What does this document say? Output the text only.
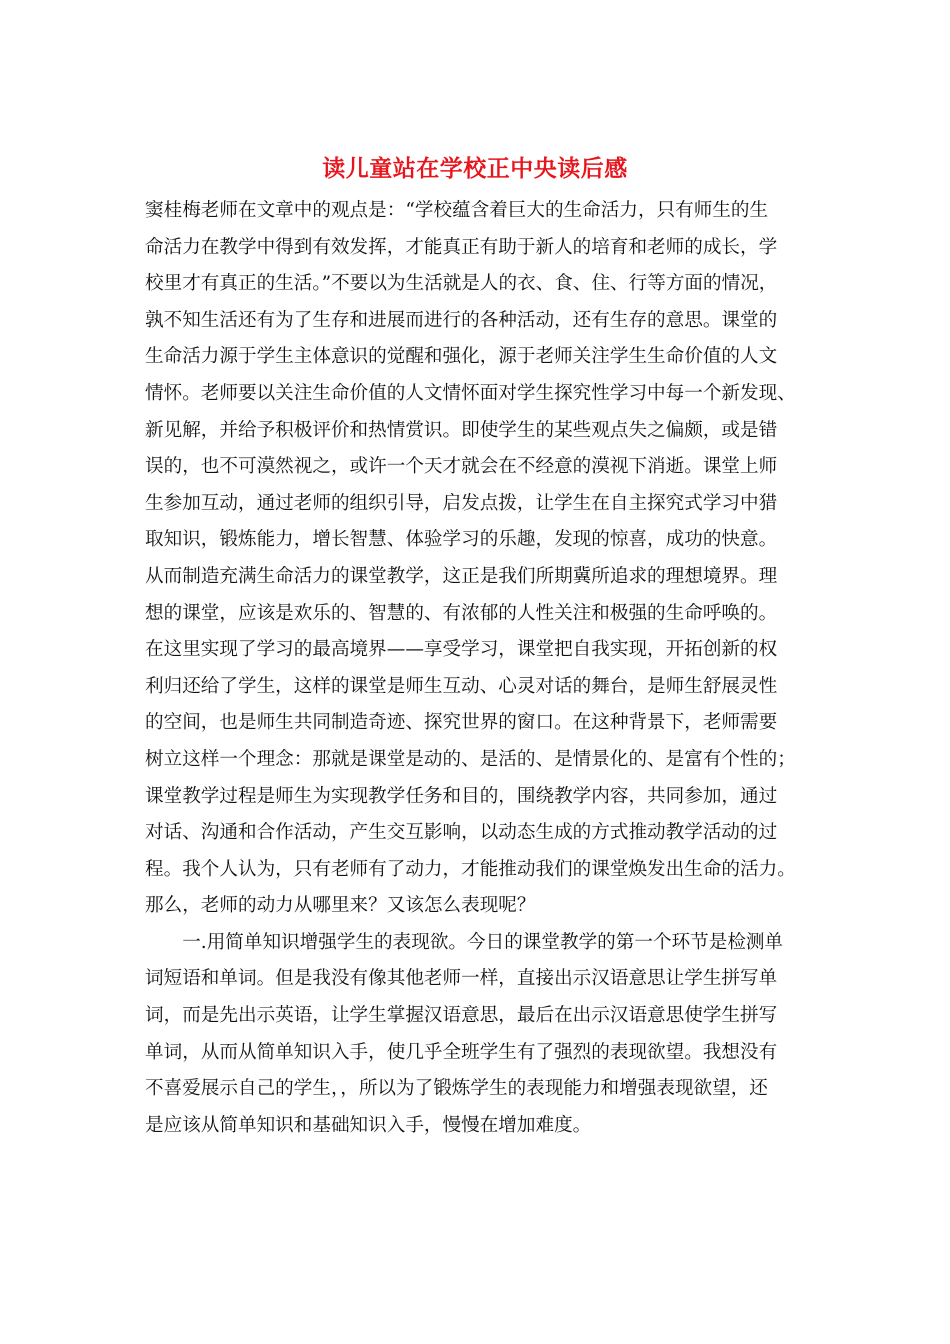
读儿童站在学校正中央读后感
窦桂梅老师在文章中的观点是：“学校蕴含着巨大的生命活力，只有师生的生
命活力在教学中得到有效发挥，才能真正有助于新人的培育和老师的成长，学
校里才有真正的生活。”不要以为生活就是人的衣、食、住、行等方面的情况，
孰不知生活还有为了生存和进展而进行的各种活动，还有生存的意思。课堂的
生命活力源于学生主体意识的觉醒和强化，源于老师关注学生生命价值的人文
情怀。老师要以关注生命价值的人文情怀面对学生探究性学习中每一个新发现、
新见解，并给予积极评价和热情赏识。即使学生的某些观点失之偏颇，或是错
误的，也不可漠然视之，或许一个天才就会在不经意的漠视下消逝。课堂上师
生参加互动，通过老师的组织引导，启发点拨，让学生在自主探究式学习中猎
取知识，锻炼能力，增长智慧、体验学习的乐趣，发现的惊喜，成功的快意。
从而制造充满生命活力的课堂教学，这正是我们所期冀所追求的理想境界。理
想的课堂，应该是欢乐的、智慧的、有浓郁的人性关注和极强的生命呼唤的。
在这里实现了学习的最高境界——享受学习，课堂把自我实现，开拓创新的权
利归还给了学生，这样的课堂是师生互动、心灵对话的舞台，是师生舒展灵性
的空间，也是师生共同制造奇迹、探究世界的窗口。在这种背景下，老师需要
树立这样一个理念：那就是课堂是动的、是活的、是情景化的、是富有个性的；
课堂教学过程是师生为实现教学任务和目的，围绕教学内容，共同参加，通过
对话、沟通和合作活动，产生交互影响，以动态生成的方式推动教学活动的过
程。我个人认为，只有老师有了动力，才能推动我们的课堂焕发出生命的活力。
那么，老师的动力从哪里来？又该怎么表现呢？
　　一.用简单知识增强学生的表现欲。今日的课堂教学的第一个环节是检测单
词短语和单词。但是我没有像其他老师一样，直接出示汉语意思让学生拼写单
词，而是先出示英语，让学生掌握汉语意思，最后在出示汉语意思使学生拼写
单词，从而从简单知识入手，使几乎全班学生有了强烈的表现欲望。我想没有
不喜爱展示自己的学生，，所以为了锻炼学生的表现能力和增强表现欲望，还
是应该从简单知识和基础知识入手，慢慢在增加难度。
